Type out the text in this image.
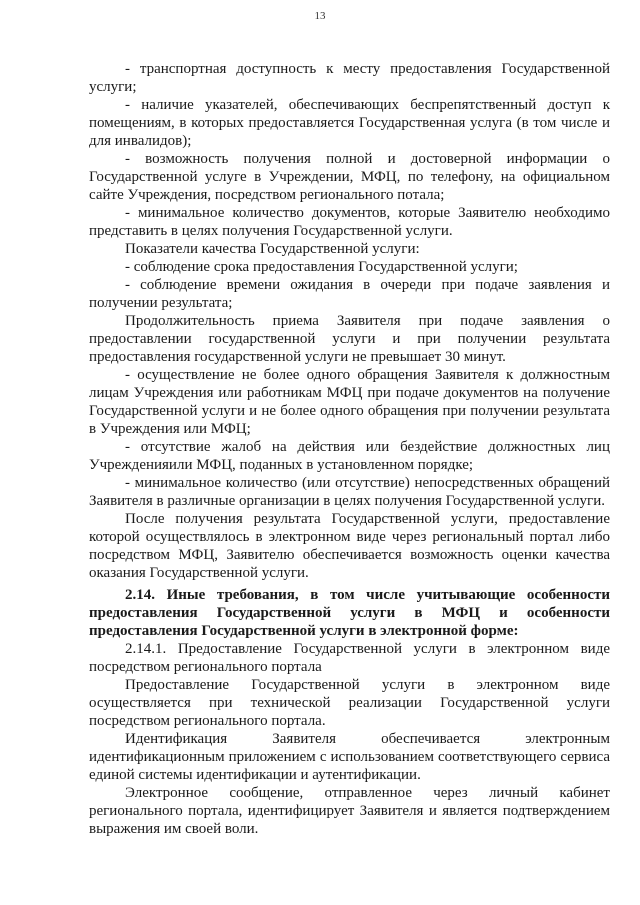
13

- транспортная доступность к месту предоставления Государственной услуги;

- наличие указателей, обеспечивающих беспрепятственный доступ к помещениям, в которых предоставляется Государственная услуга (в том числе и для инвалидов);

- возможность получения полной и достоверной информации о Государственной услуге в Учреждении, МФЦ, по телефону, на официальном сайте Учреждения, посредством регионального потала;

- минимальное количество документов, которые Заявителю необходимо представить в целях получения Государственной услуги.

Показатели качества Государственной услуги:

- соблюдение срока предоставления Государственной услуги;

- соблюдение времени ожидания в очереди при подаче заявления и получении результата;

Продолжительность приема Заявителя при подаче заявления о предоставлении государственной услуги и при получении результата предоставления государственной услуги не превышает 30 минут.

- осуществление не более одного обращения Заявителя к должностным лицам Учреждения или работникам МФЦ при подаче документов на получение Государственной услуги и не более одного обращения при получении результата в Учреждения или МФЦ;

- отсутствие жалоб на действия или бездействие должностных лиц Учрежденияили МФЦ, поданных в установленном порядке;

- минимальное количество (или отсутствие) непосредственных обращений Заявителя в различные организации в целях получения Государственной услуги.

После получения результата Государственной услуги, предоставление которой осуществлялось в электронном виде через региональный портал либо посредством МФЦ, Заявителю обеспечивается возможность оценки качества оказания Государственной услуги.

2.14. Иные требования, в том числе учитывающие особенности предоставления Государственной услуги в МФЦ и особенности предоставления Государственной услуги в электронной форме:

2.14.1. Предоставление Государственной услуги в электронном виде посредством регионального портала

Предоставление Государственной услуги в электронном виде осуществляется при технической реализации Государственной услуги посредством регионального портала.

Идентификация Заявителя обеспечивается электронным идентификационным приложением с использованием соответствующего сервиса единой системы идентификации и аутентификации.

Электронное сообщение, отправленное через личный кабинет регионального портала, идентифицирует Заявителя и является подтверждением выражения им своей воли.
